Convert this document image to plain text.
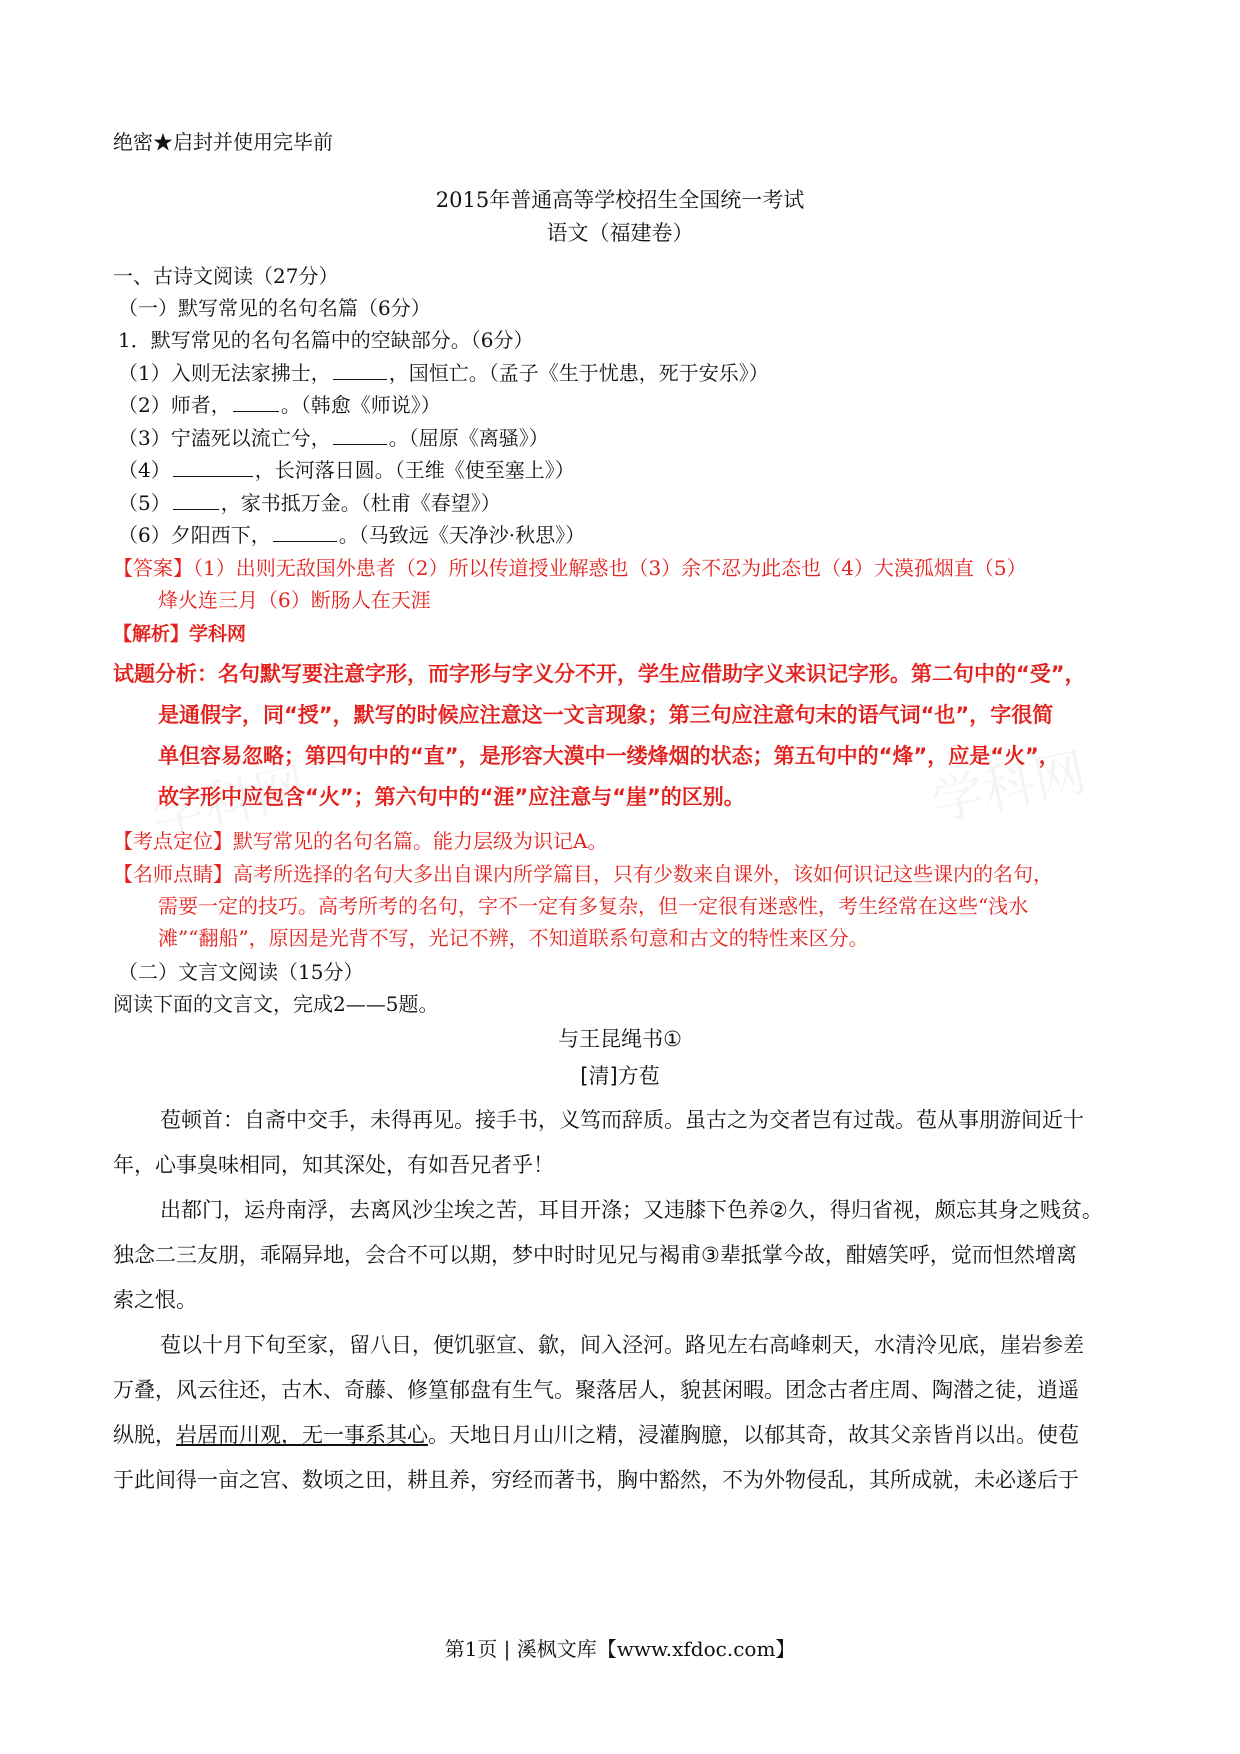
绝密★启封并使用完毕前
2015年普通高等学校招生全国统一考试
语文（福建卷）
一、古诗文阅读（27分）
（一）默写常见的名句名篇（6分）
1．默写常见的名句名篇中的空缺部分。（6分）
（1）入则无法家拂士，	，国恒亡。（孟子《生于忧患，死于安乐》）
（2）师者，	。（韩愈《师说》）
（3）宁溘死以流亡兮，	。（屈原《离骚》）
（4）	，长河落日圆。（王维《使至塞上》）
（5）	，家书抵万金。（杜甫《春望》）
（6）夕阳西下，	。（马致远《天净沙·秋思》）
【答案】（1）出则无敌国外患者（2）所以传道授业解惑也（3）余不忍为此态也（4）大漠孤烟直（5）
烽火连三月（6）断肠人在天涯
【解析】学科网
试题分析：名句默写要注意字形，而字形与字义分不开，学生应借助字义来识记字形。第二句中的“受”，
是通假字，同“授”，默写的时候应注意这一文言现象；第三句应注意句末的语气词“也”，字很简
单但容易忽略；第四句中的“直”，是形容大漠中一缕烽烟的状态；第五句中的“烽”，应是“火”，
故字形中应包含“火”；第六句中的“涯”应注意与“崖”的区别。
【考点定位】默写常见的名句名篇。能力层级为识记A。
【名师点睛】高考所选择的名句大多出自课内所学篇目，只有少数来自课外，该如何识记这些课内的名句，
需要一定的技巧。高考所考的名句，字不一定有多复杂，但一定很有迷惑性，考生经常在这些“浅水
滩”“翻船”，原因是光背不写，光记不辨，不知道联系句意和古文的特性来区分。
（二）文言文阅读（15分）
阅读下面的文言文，完成2——5题。
与王昆绳书①
[清]方苞
苞顿首：自斋中交手，未得再见。接手书，义笃而辞质。虽古之为交者岂有过哉。苞从事朋游间近十
年，心事臭味相同，知其深处，有如吾兄者乎！
出都门，运舟南浮，去离风沙尘埃之苦，耳目开涤；又违膝下色养②久，得归省视，颇忘其身之贱贫。
独念二三友朋，乖隔异地，会合不可以期，梦中时时见兄与褐甫③辈抵掌今故，酣嬉笑呼，觉而怛然增离
索之恨。
苞以十月下旬至家，留八日，便饥驱宣、歙，间入泾河。路见左右高峰刺天，水清泠见底，崖岩参差
万叠，风云往还，古木、奇藤、修篁郁盘有生气。聚落居人，貌甚闲暇。团念古者庄周、陶潜之徒，逍遥
纵脱，岩居而川观，无一事系其心。天地日月山川之精，浸灌胸臆，以郁其奇，故其父亲皆肖以出。使苞
于此间得一亩之宫、数顷之田，耕且养，穷经而著书，胸中豁然，不为外物侵乱，其所成就，未必遂后于
第1页 | 溪枫文库【www.xfdoc.com】
